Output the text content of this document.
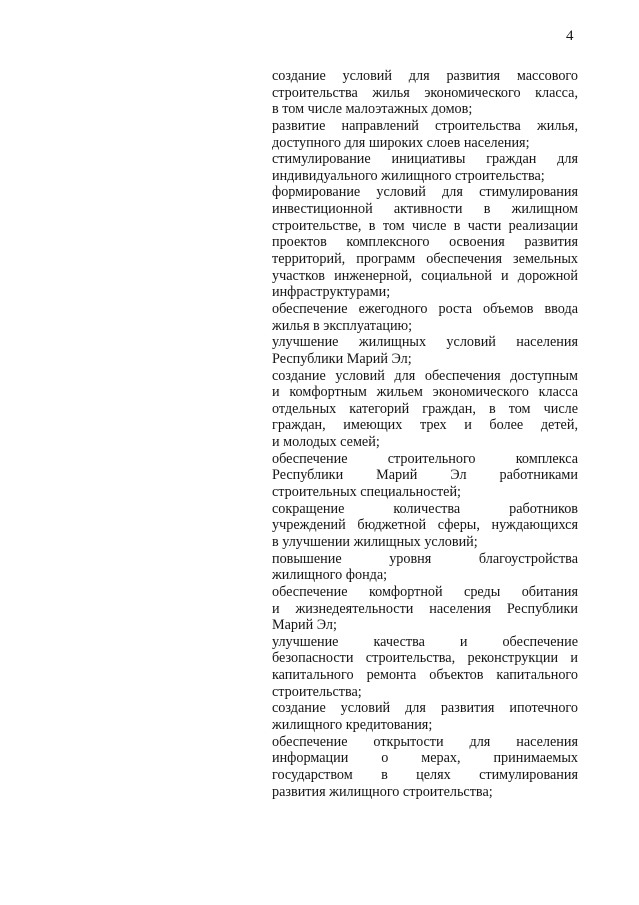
4

создание условий для развития массового
строительства жилья экономического класса,
в том числе малоэтажных домов;

развитие направлений строительства жилья,
доступного для широких слоев населения;

стимулирование инициативы граждан для
индивидуального жилищного строительства;

формирование условий для стимулирования
инвестиционной активности в жилищном
строительстве, в том числе в части реализации
проектов комплексного освоения развития
территорий, программ обеспечения земельных
участков инженерной, социальной и дорожной
инфраструктурами;

обеспечение ежегодного роста объемов ввода
жилья в эксплуатацию;

улучшение жилищных условий населения
Республики Марий Эл;

создание условий для обеспечения доступным
и комфортным жильем экономического класса
отдельных категорий граждан, в том числе
граждан, имеющих трех и более детей,
и молодых семей;

обеспечение строительного комплекса
Республики Марий Эл работниками
строительных специальностей;

сокращение количества работников
учреждений бюджетной сферы, нуждающихся
в улучшении жилищных условий;

повышение уровня благоустройства
жилищного фонда;

обеспечение комфортной среды обитания
и жизнедеятельности населения Республики
Марий Эл;

улучшение качества и обеспечение
безопасности строительства, реконструкции и
капитального ремонта объектов капитального
строительства;

создание условий для развития ипотечного
жилищного кредитования;

обеспечение открытости для населения
информации о мерах, принимаемых
государством в целях стимулирования
развития жилищного строительства;
